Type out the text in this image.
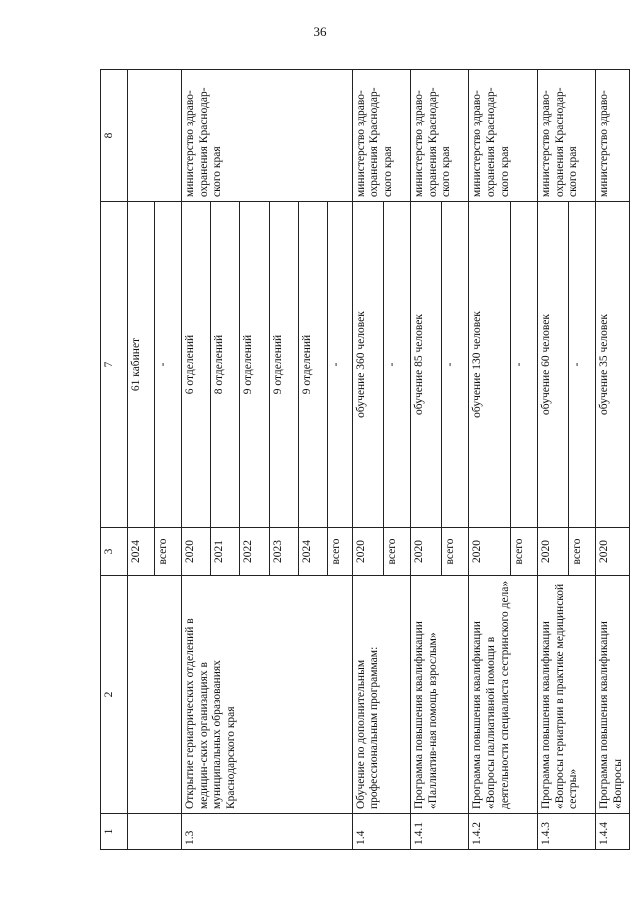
36
1	2	3	7	8
		2024	61 кабинет	
		всего	-	
1.3	Открытие гериатрических отделений в медицин-ских организациях в муниципальных образованиях Краснодарского края	2020	6 отделений	министерство здраво-охранения Краснодар-ского края
		2021	8 отделений	
		2022	9 отделений	
		2023	9 отделений	
		2024	9 отделений	
		всего	-	
1.4	Обучение по дополнительным профессиональным программам:	2020	обучение 360 человек	министерство здраво-охранения Краснодар-ского края
		всего	-	
1.4.1	Программа повышения квалификации «Паллиатив-ная помощь взрослым»	2020	обучение 85 человек	министерство здраво-охранения Краснодар-ского края
		всего	-	
1.4.2	Программа повышения квалификации «Вопросы паллиативной помощи в деятельности специалиста сестринского дела»	2020	обучение 130 человек	министерство здраво-охранения Краснодар-ского края
		всего	-	
1.4.3	Программа повышения квалификации «Вопросы гериатрии в практике медицинской сестры»	2020	обучение 60 человек	министерство здраво-охранения Краснодар-ского края
		всего	-	
1.4.4	Программа повышения квалификации «Вопросы	2020	обучение 35 человек	министерство здраво-
